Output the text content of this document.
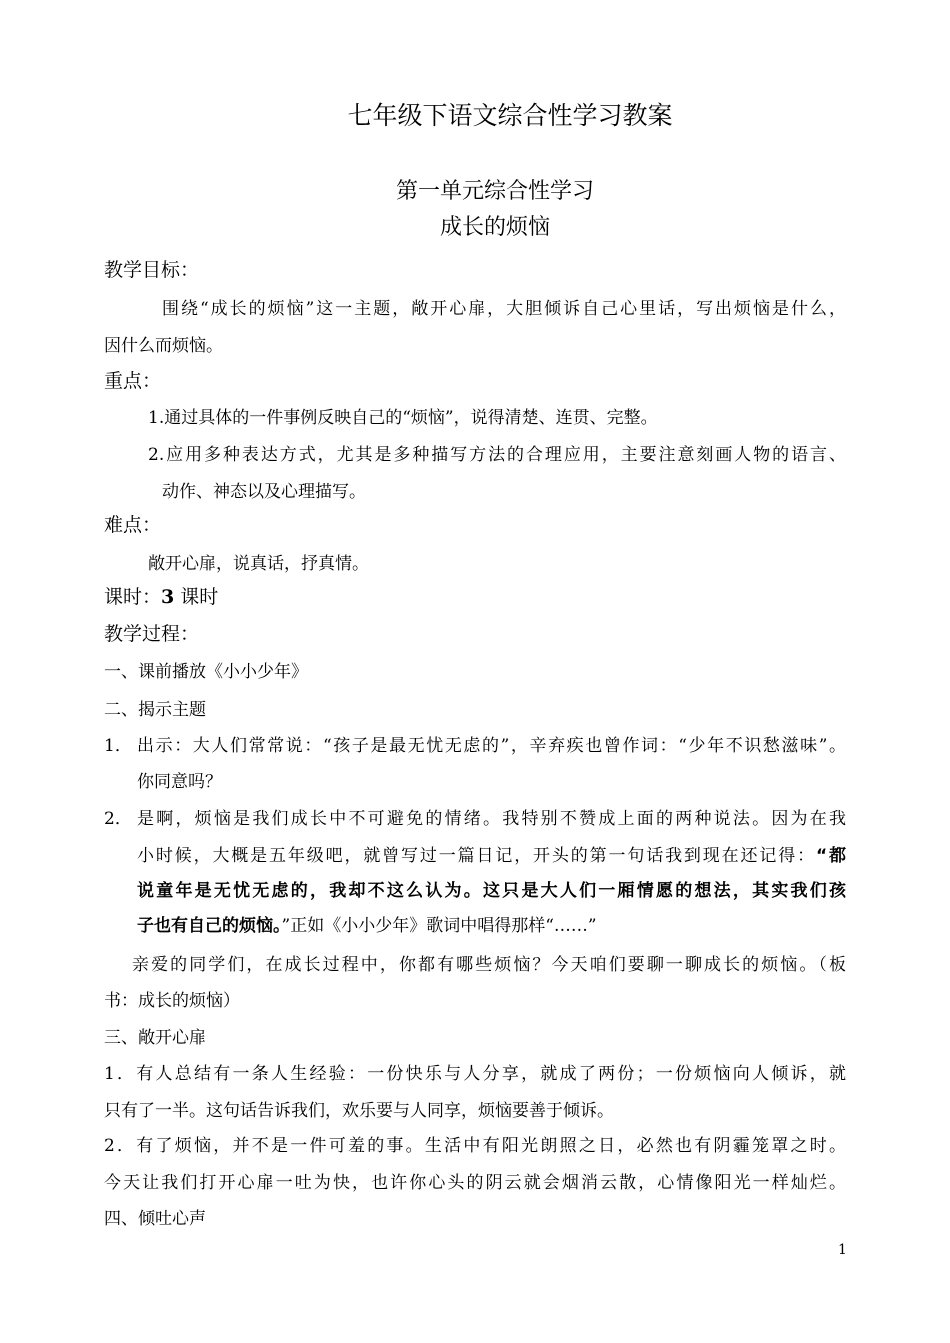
七年级下语文综合性学习教案
第一单元综合性学习
成长的烦恼
教学目标：
围绕“成长的烦恼”这一主题，敞开心扉，大胆倾诉自己心里话，写出烦恼是什么，
因什么而烦恼。
重点：
1.通过具体的一件事例反映自己的“烦恼”，说得清楚、连贯、完整。
2.应用多种表达方式，尤其是多种描写方法的合理应用，主要注意刻画人物的语言、
动作、神态以及心理描写。
难点：
敞开心扉，说真话，抒真情。
课时：3 课时
教学过程：
一、课前播放《小小少年》
二、揭示主题
1． 出示：大人们常常说：“孩子是最无忧无虑的”，辛弃疾也曾作词：“少年不识愁滋味”。
你同意吗？
2． 是啊，烦恼是我们成长中不可避免的情绪。我特别不赞成上面的两种说法。因为在我
小时候，大概是五年级吧，就曾写过一篇日记，开头的第一句话我到现在还记得：“都
说童年是无忧无虑的，我却不这么认为。这只是大人们一厢情愿的想法，其实我们孩
子也有自己的烦恼。”正如《小小少年》歌词中唱得那样“……”
亲爱的同学们，在成长过程中，你都有哪些烦恼？今天咱们要聊一聊成长的烦恼。（板
书：成长的烦恼）
三、敞开心扉
1．有人总结有一条人生经验：一份快乐与人分享，就成了两份；一份烦恼向人倾诉，就
只有了一半。这句话告诉我们，欢乐要与人同享，烦恼要善于倾诉。
2．有了烦恼，并不是一件可羞的事。生活中有阳光朗照之日，必然也有阴霾笼罩之时。
今天让我们打开心扉一吐为快，也许你心头的阴云就会烟消云散，心情像阳光一样灿烂。
四、倾吐心声
1
